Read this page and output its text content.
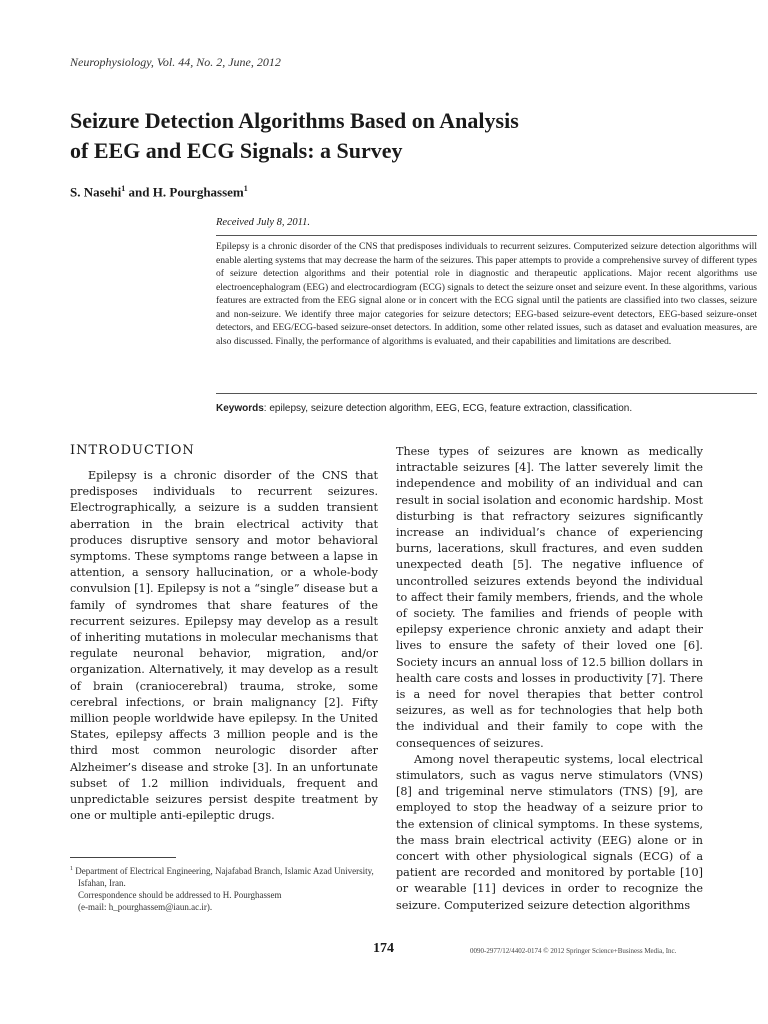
Neurophysiology, Vol. 44, No. 2, June, 2012
Seizure Detection Algorithms Based on Analysis
of EEG and ECG Signals: a Survey
S. Nasehi$^1$ and H. Pourghassem$^1$
Received July 8, 2011.

Epilepsy is a chronic disorder of the CNS that predisposes individuals to recurrent seizures. Computerized seizure detection algorithms will enable alerting systems that may decrease the harm of the seizures. This paper attempts to provide a comprehensive survey of different types of seizure detection algorithms and their potential role in diagnostic and therapeutic applications. Major recent algorithms use electroencephalogram (EEG) and electrocardiogram (ECG) signals to detect the seizure onset and seizure event. In these algorithms, various features are extracted from the EEG signal alone or in concert with the ECG signal until the patients are classified into two classes, seizure and non-seizure. We identify three major categories for seizure detectors; EEG-based seizure-event detectors, EEG-based seizure-onset detectors, and EEG/ECG-based seizure-onset detectors. In addition, some other related issues, such as dataset and evaluation measures, are also discussed. Finally, the performance of algorithms is evaluated, and their capabilities and limitations are described.

Keywords: epilepsy, seizure detection algorithm, EEG, ECG, feature extraction, classification.

INTRODUCTION

Epilepsy is a chronic disorder of the CNS that predisposes individuals to recurrent seizures. Electrographically, a seizure is a sudden transient aberration in the brain electrical activity that produces disruptive sensory and motor behavioral symptoms. These symptoms range between a lapse in attention, a sensory hallucination, or a whole-body convulsion [1]. Epilepsy is not a “single” disease but a family of syndromes that share features of the recurrent seizures. Epilepsy may develop as a result of inheriting mutations in molecular mechanisms that regulate neuronal behavior, migration, and/or organization. Alternatively, it may develop as a result of brain (craniocerebral) trauma, stroke, some cerebral infections, or brain malignancy [2]. Fifty million people worldwide have epilepsy. In the United States, epilepsy affects 3 million people and is the third most common neurologic disorder after Alzheimer’s disease and stroke [3]. In an unfortunate subset of 1.2 million individuals, frequent and unpredictable seizures persist despite treatment by one or multiple anti-epileptic drugs.

These types of seizures are known as medically intractable seizures [4]. The latter severely limit the independence and mobility of an individual and can result in social isolation and economic hardship. Most disturbing is that refractory seizures significantly increase an individual’s chance of experiencing burns, lacerations, skull fractures, and even sudden unexpected death [5]. The negative influence of uncontrolled seizures extends beyond the individual to affect their family members, friends, and the whole of society. The families and friends of people with epilepsy experience chronic anxiety and adapt their lives to ensure the safety of their loved one [6]. Society incurs an annual loss of 12.5 billion dollars in health care costs and losses in productivity [7]. There is a need for novel therapies that better control seizures, as well as for technologies that help both the individual and their family to cope with the consequences of seizures.

Among novel therapeutic systems, local electrical stimulators, such as vagus nerve stimulators (VNS) [8] and trigeminal nerve stimulators (TNS) [9], are employed to stop the headway of a seizure prior to the extension of clinical symptoms. In these systems, the mass brain electrical activity (EEG) alone or in concert with other physiological signals (ECG) of a patient are recorded and monitored by portable [10] or wearable [11] devices in order to recognize the seizure. Computerized seizure detection algorithms

$^1$ Department of Electrical Engineering, Najafabad Branch, Islamic Azad University, Isfahan, Iran.

Correspondence should be addressed to H. Pourghassem

(e-mail: h_pourghassem@iaun.ac.ir).

174	0090-2977/12/4402-0174 © 2012 Springer Science+Business Media, Inc.
